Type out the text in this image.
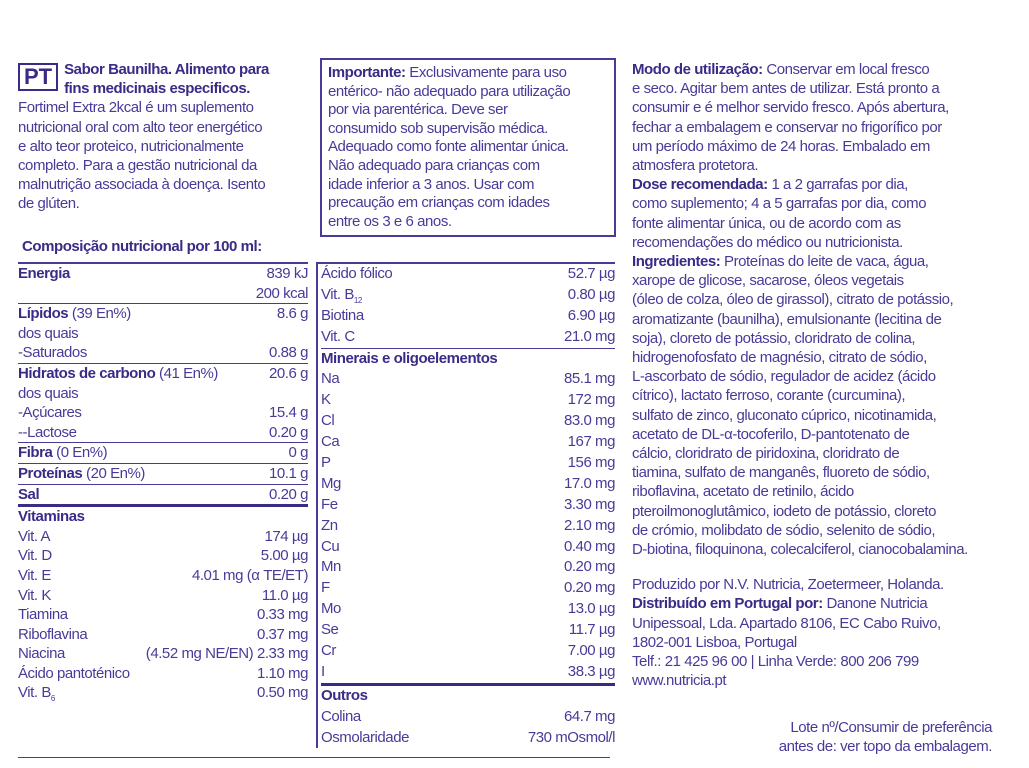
PT Sabor Baunilha. Alimento para
fins medicinais especificos.
Fortimel Extra 2kcal é um suplemento
nutricional oral com alto teor energético
e alto teor proteico, nutricionalmente
completo. Para a gestão nutricional da
malnutrição associada à doença. Isento
de glúten.
Importante: Exclusivamente para uso
entérico- não adequado para utilização
por via parentérica. Deve ser
consumido sob supervisão médica.
Adequado como fonte alimentar única.
Não adequado para crianças com
idade inferior a 3 anos. Usar com
precaução em crianças com idades
entre os 3 e 6 anos.
Composição nutricional por 100 ml:
Energia	839 kJ
200 kcal
Lípidos (39 En%)	8.6 g
dos quais
-Saturados	0.88 g
Hidratos de carbono (41 En%)	20.6 g
dos quais
-Açúcares	15.4 g
--Lactose	0.20 g
Fibra (0 En%)	0 g
Proteínas (20 En%)	10.1 g
Sal	0.20 g
Vitaminas
Vit. A	174 µg
Vit. D	5.00 µg
Vit. E	4.01 mg (α TE/ET)
Vit. K	11.0 µg
Tiamina	0.33 mg
Riboflavina	0.37 mg
Niacina	(4.52 mg NE/EN) 2.33 mg
Ácido pantoténico	1.10 mg
Vit. $B_6$	0.50 mg
Ácido fólico	52.7 µg
Vit. $B_{12}$	0.80 µg
Biotina	6.90 µg
Vit. C	21.0 mg
Minerais e oligoelementos
Na	85.1 mg
K	172 mg
Cl	83.0 mg
Ca	167 mg
P	156 mg
Mg	17.0 mg
Fe	3.30 mg
Zn	2.10 mg
Cu	0.40 mg
Mn	0.20 mg
F	0.20 mg
Mo	13.0 µg
Se	11.7 µg
Cr	7.00 µg
I	38.3 µg
Outros
Colina	64.7 mg
Osmolaridade	730 mOsmol/l
Modo de utilização: Conservar em local fresco
e seco. Agitar bem antes de utilizar. Está pronto a
consumir e é melhor servido fresco. Após abertura,
fechar a embalagem e conservar no frigorífico por
um período máximo de 24 horas. Embalado em
atmosfera protetora.
Dose recomendada: 1 a 2 garrafas por dia,
como suplemento; 4 a 5 garrafas por dia, como
fonte alimentar única, ou de acordo com as
recomendações do médico ou nutricionista.
Ingredientes: Proteínas do leite de vaca, água,
xarope de glicose, sacarose, óleos vegetais
(óleo de colza, óleo de girassol), citrato de potássio,
aromatizante (baunilha), emulsionante (lecitina de
soja), cloreto de potássio, cloridrato de colina,
hidrogenofosfato de magnésio, citrato de sódio,
L-ascorbato de sódio, regulador de acidez (ácido
cítrico), lactato ferroso, corante (curcumina),
sulfato de zinco, gluconato cúprico, nicotinamida,
acetato de DL-α-tocoferilo, D-pantotenato de
cálcio, cloridrato de piridoxina, cloridrato de
tiamina, sulfato de manganês, fluoreto de sódio,
riboflavina, acetato de retinilo, ácido
pteroilmonoglutâmico, iodeto de potássio, cloreto
de crómio, molibdato de sódio, selenito de sódio,
D-biotina, filoquinona, colecalciferol, cianocobalamina.
Produzido por N.V. Nutricia, Zoetermeer, Holanda.
Distribuído em Portugal por: Danone Nutricia
Unipessoal, Lda. Apartado 8106, EC Cabo Ruivo,
1802-001 Lisboa, Portugal
Telf.: 21 425 96 00 | Linha Verde: 800 206 799
www.nutricia.pt
Lote nº/Consumir de preferência
antes de: ver topo da embalagem.
